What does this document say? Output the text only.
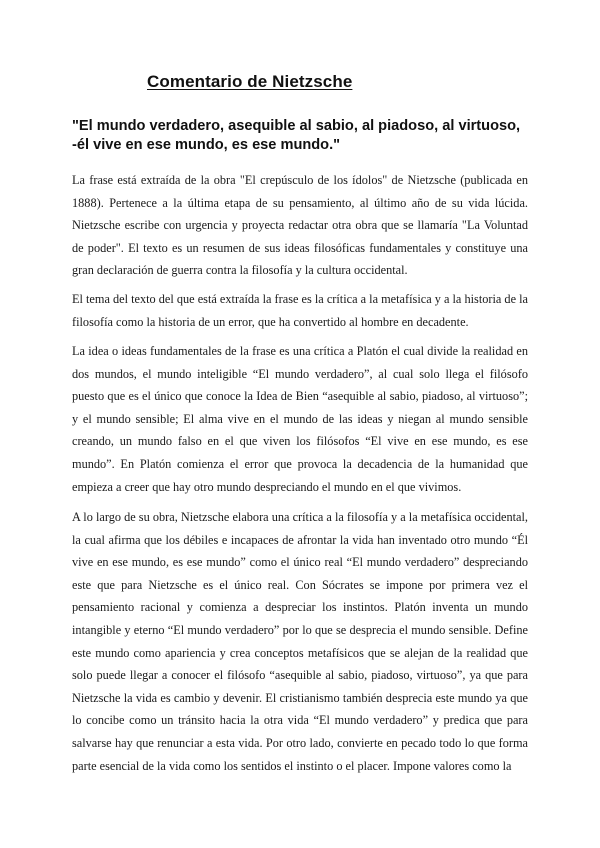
Comentario de Nietzsche

"El mundo verdadero, asequible al sabio, al piadoso, al virtuoso, -él vive en ese mundo, es ese mundo."

La frase está extraída de la obra "El crepúsculo de los ídolos" de Nietzsche (publicada en 1888). Pertenece a la última etapa de su pensamiento, al último año de su vida lúcida. Nietzsche escribe con urgencia y proyecta redactar otra obra que se llamaría "La Voluntad de poder". El texto es un resumen de sus ideas filosóficas fundamentales y constituye una gran declaración de guerra contra la filosofía y la cultura occidental.

El tema del texto del que está extraída la frase es la crítica a la metafísica y a la historia de la filosofía como la historia de un error, que ha convertido al hombre en decadente.

La idea o ideas fundamentales de la frase es una crítica a Platón el cual divide la realidad en dos mundos, el mundo inteligible “El mundo verdadero”, al cual solo llega el filósofo puesto que es el único que conoce la Idea de Bien “asequible al sabio, piadoso, al virtuoso”; y el mundo sensible; El alma vive en el mundo de las ideas y niegan al mundo sensible creando, un mundo falso en el que viven los filósofos “El vive en ese mundo, es ese mundo”. En Platón comienza el error que provoca la decadencia de la humanidad que empieza a creer que hay otro mundo despreciando el mundo en el que vivimos.

A lo largo de su obra, Nietzsche elabora una crítica a la filosofía y a la metafísica occidental, la cual afirma que los débiles e incapaces de afrontar la vida han inventado otro mundo “Él vive en ese mundo, es ese mundo” como el único real “El mundo verdadero” despreciando este que para Nietzsche es el único real. Con Sócrates se impone por primera vez el pensamiento racional y comienza a despreciar los instintos. Platón inventa un mundo intangible y eterno “El mundo verdadero” por lo que se desprecia el mundo sensible. Define este mundo como apariencia y crea conceptos metafísicos que se alejan de la realidad que solo puede llegar a conocer el filósofo “asequible al sabio, piadoso, virtuoso”, ya que para Nietzsche la vida es cambio y devenir. El cristianismo también desprecia este mundo ya que lo concibe como un tránsito hacia la otra vida “El mundo verdadero” y predica que para salvarse hay que renunciar a esta vida. Por otro lado, convierte en pecado todo lo que forma parte esencial de la vida como los sentidos el instinto o el placer. Impone valores como la
